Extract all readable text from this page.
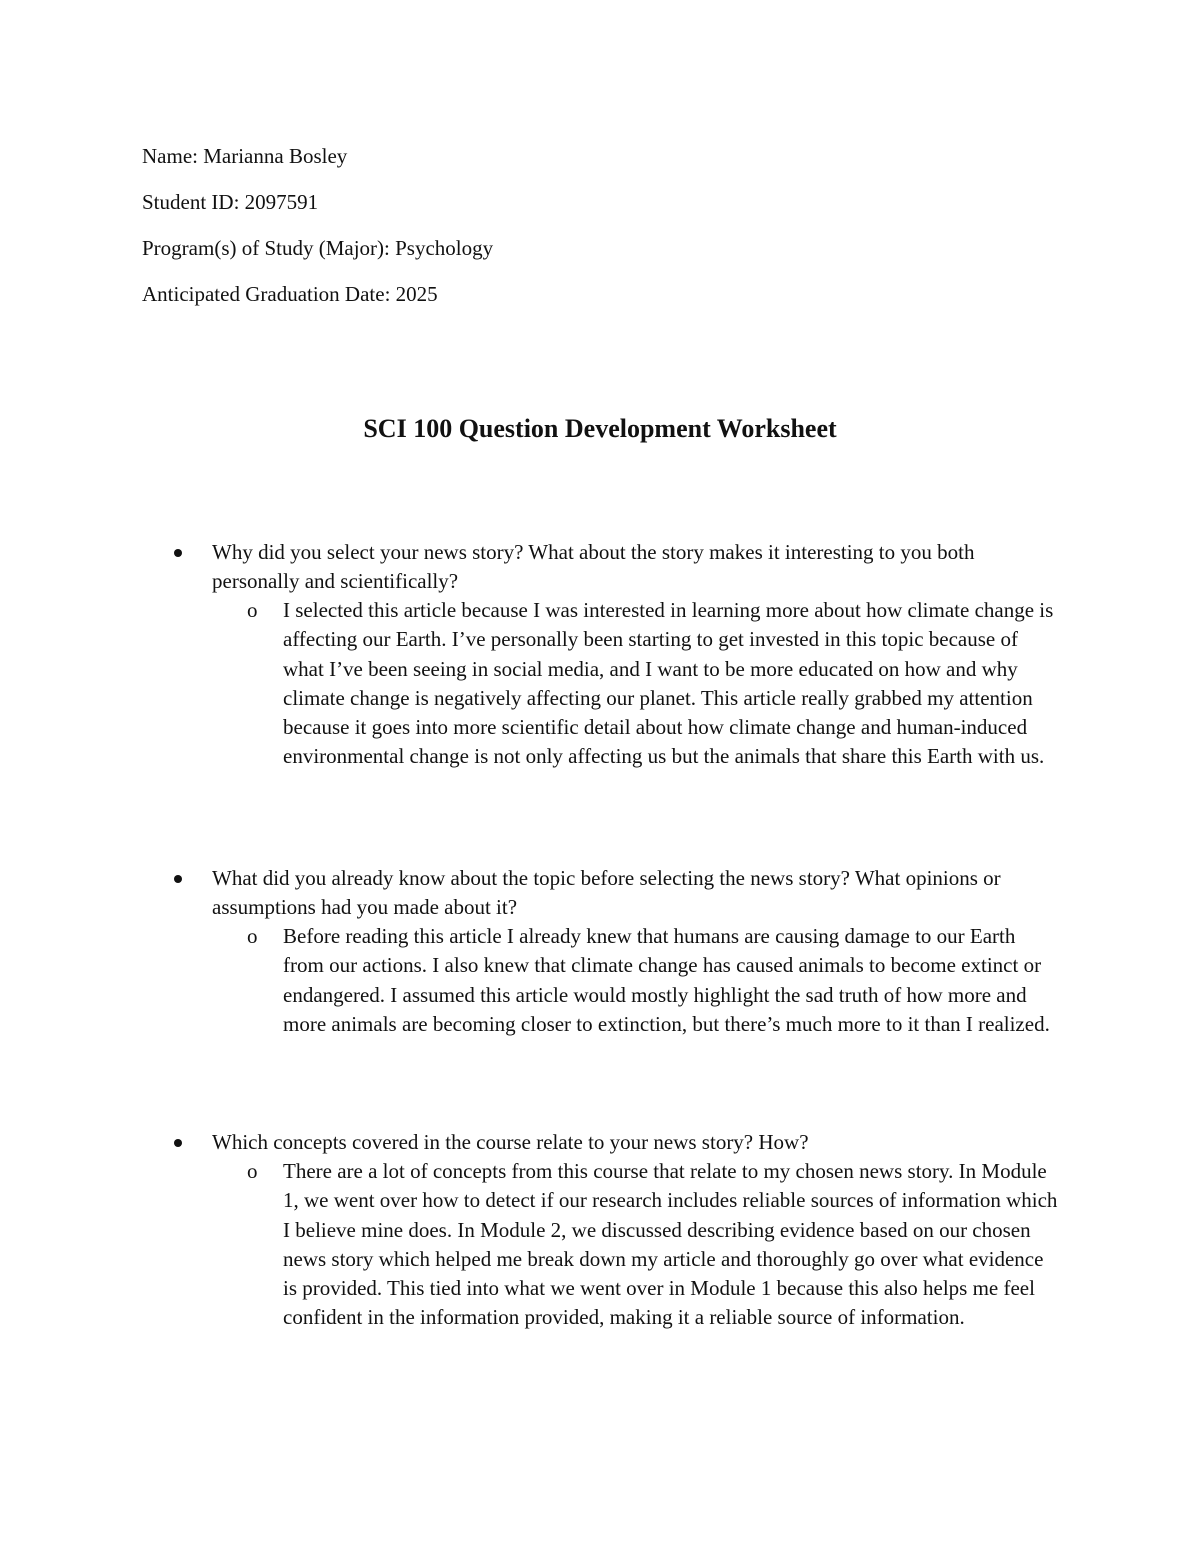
Name: Marianna Bosley

Student ID: 2097591

Program(s) of Study (Major): Psychology

Anticipated Graduation Date: 2025

SCI 100 Question Development Worksheet

Why did you select your news story? What about the story makes it interesting to you both personally and scientifically?

o I selected this article because I was interested in learning more about how climate change is affecting our Earth. I’ve personally been starting to get invested in this topic because of what I’ve been seeing in social media, and I want to be more educated on how and why climate change is negatively affecting our planet. This article really grabbed my attention because it goes into more scientific detail about how climate change and human-induced environmental change is not only affecting us but the animals that share this Earth with us.

What did you already know about the topic before selecting the news story? What opinions or assumptions had you made about it?

o Before reading this article I already knew that humans are causing damage to our Earth from our actions. I also knew that climate change has caused animals to become extinct or endangered. I assumed this article would mostly highlight the sad truth of how more and more animals are becoming closer to extinction, but there’s much more to it than I realized.

Which concepts covered in the course relate to your news story? How?

o There are a lot of concepts from this course that relate to my chosen news story. In Module 1, we went over how to detect if our research includes reliable sources of information which I believe mine does. In Module 2, we discussed describing evidence based on our chosen news story which helped me break down my article and thoroughly go over what evidence is provided. This tied into what we went over in Module 1 because this also helps me feel confident in the information provided, making it a reliable source of information.
